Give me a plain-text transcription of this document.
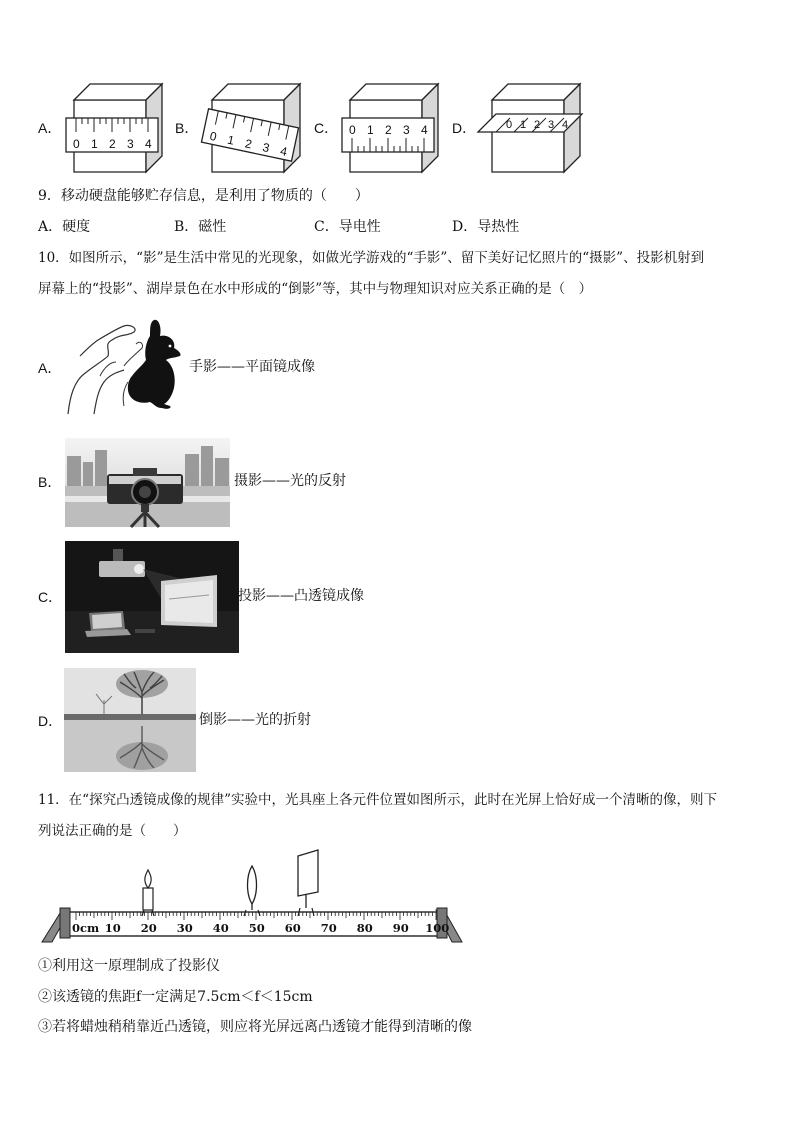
A．
0 1 2 3 4
B．
0 1 2 3 4
C． 0 1 2 3 4 D．	0 1 2 3 4
9．移动硬盘能够贮存信息，是利用了物质的（　　）
A．硬度	B．磁性	C．导电性	D．导热性
10．如图所示，“影”是生活中常见的光现象，如做光学游戏的“手影”、留下美好记忆照片的“摄影”、投影机射到
屏幕上的“投影”、湖岸景色在水中形成的“倒影”等，其中与物理知识对应关系正确的是（　）
A．	手影——平面镜成像
B．	摄影——光的反射
C．	投影——凸透镜成像
D．	倒影——光的折射
11．在“探究凸透镜成像的规律”实验中，光具座上各元件位置如图所示，此时在光屏上恰好成一个清晰的像，则下
列说法正确的是（　　）
0cm 10 20 30 40 50 60 70 80 90 100
①利用这一原理制成了投影仪
②该透镜的焦距f一定满足7.5cm＜f＜15cm
③若将蜡烛稍稍靠近凸透镜，则应将光屏远离凸透镜才能得到清晰的像
